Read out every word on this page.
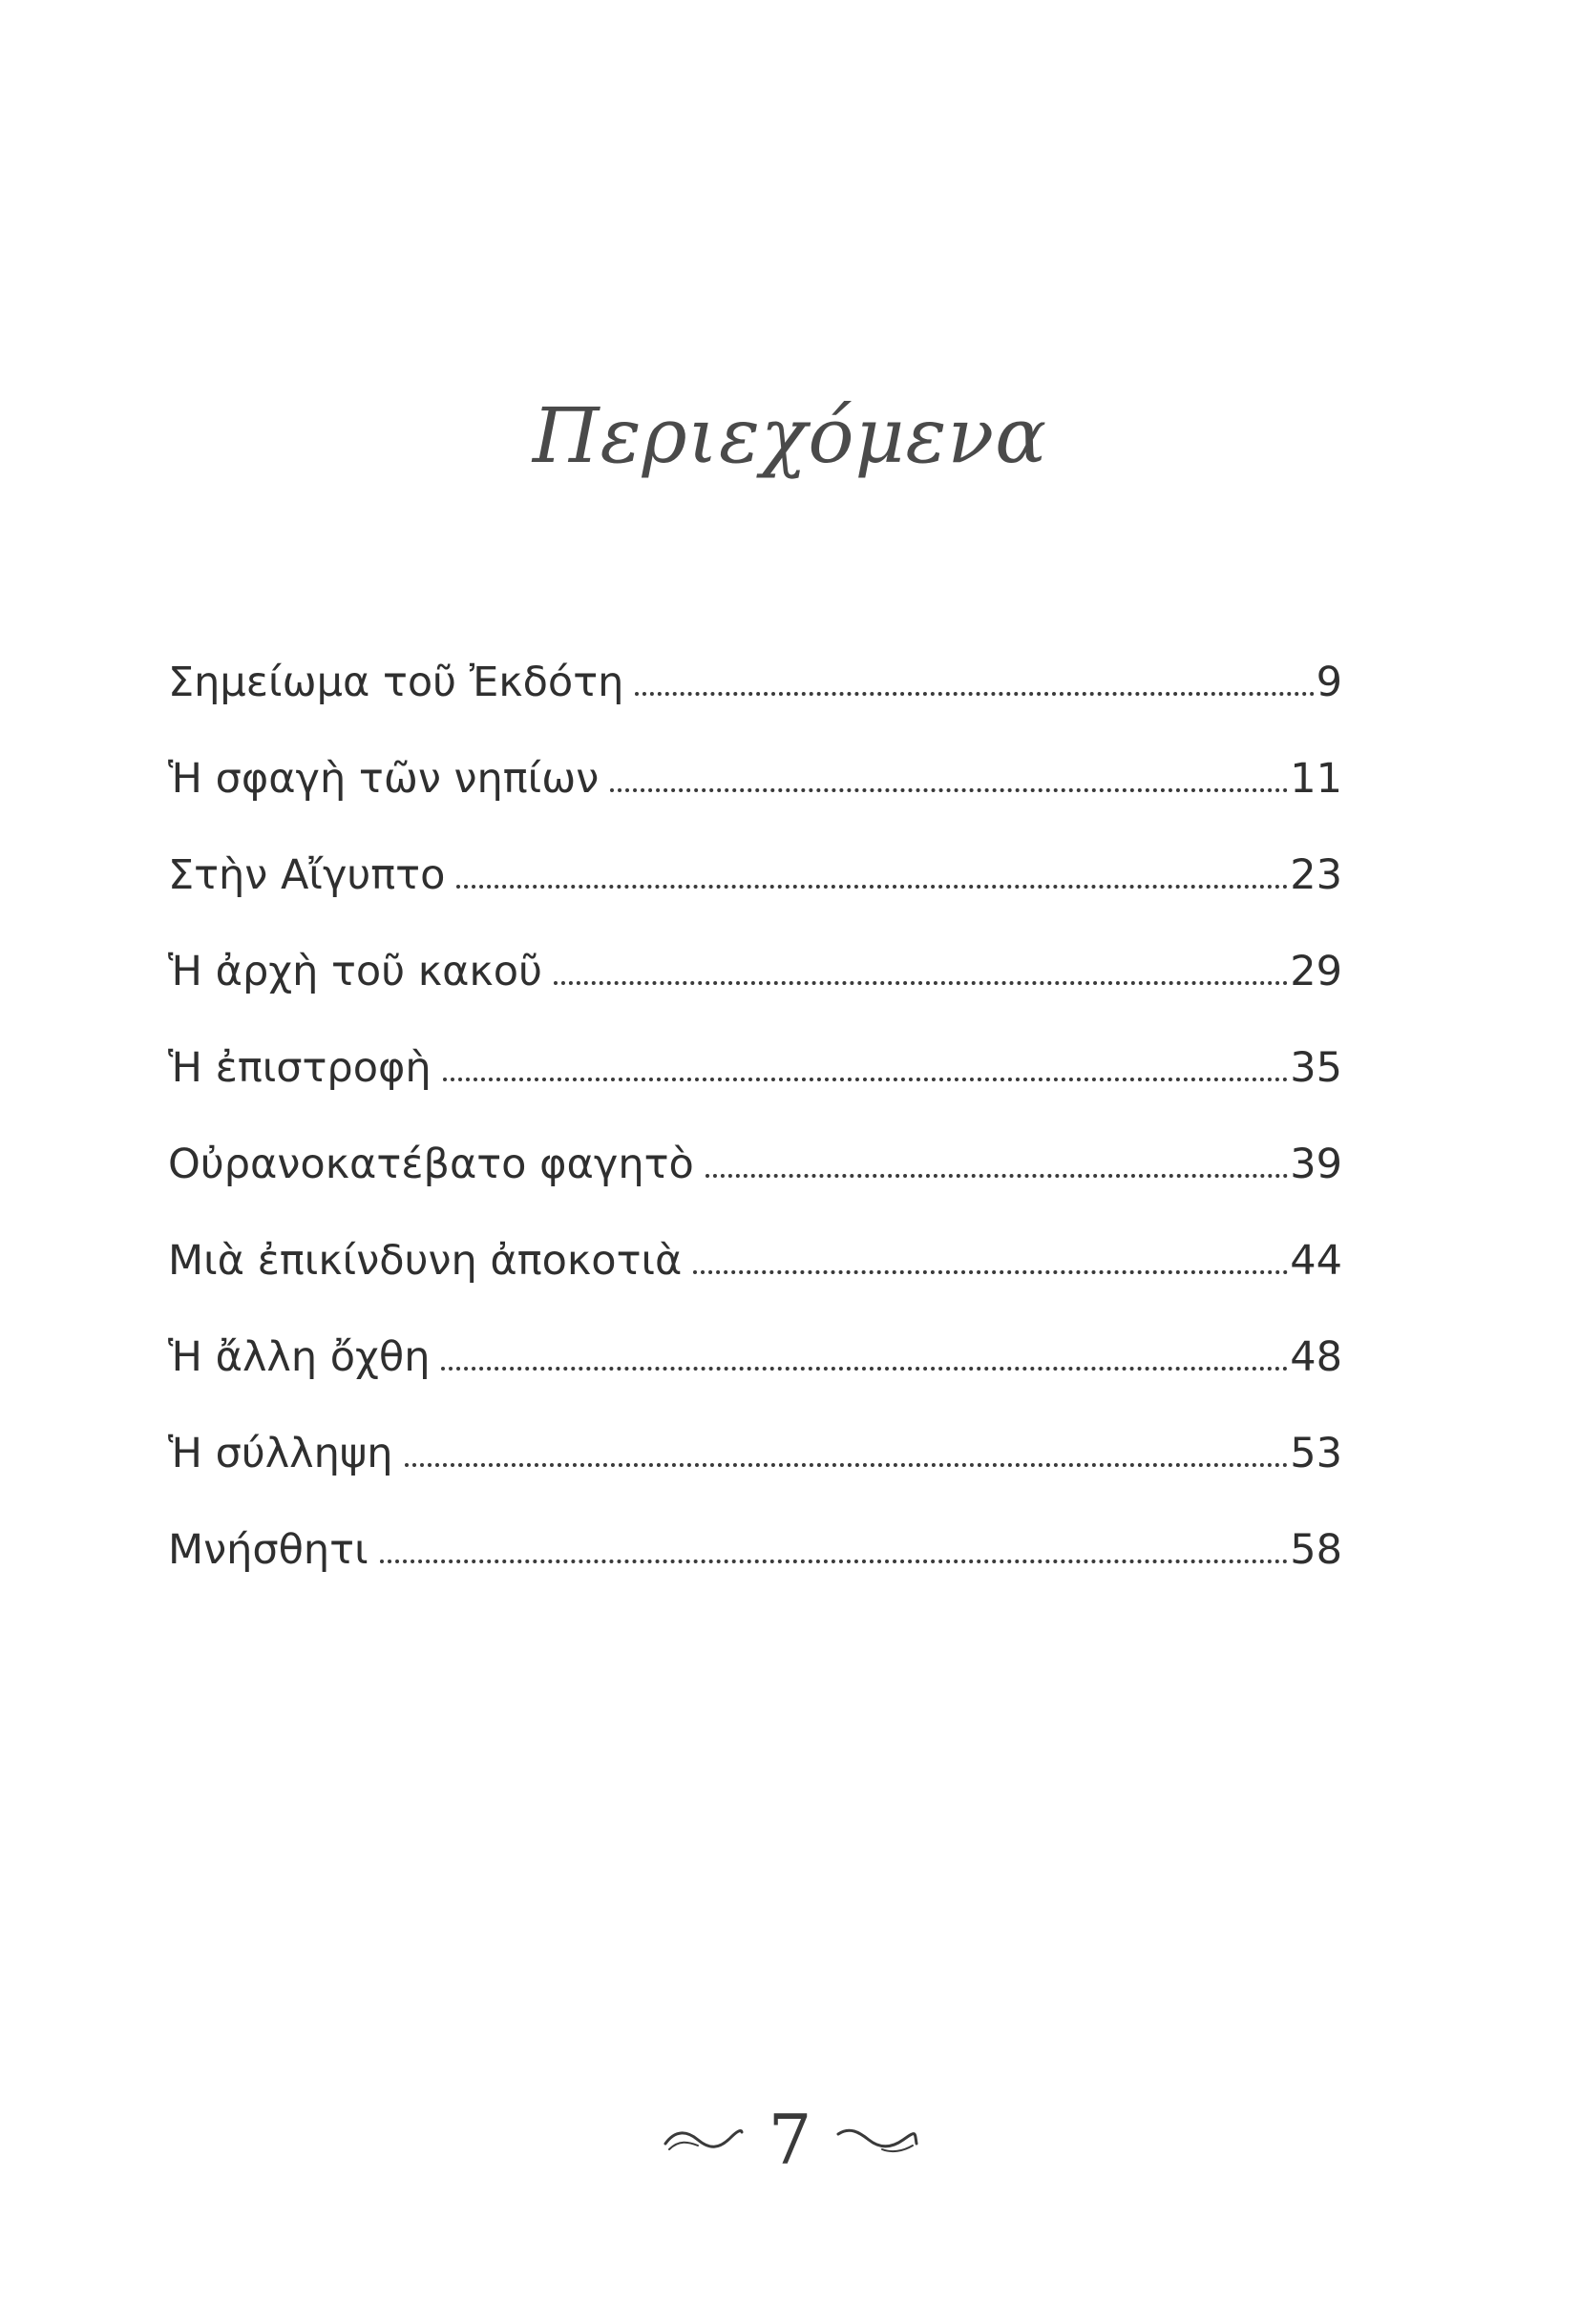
Περιεχόμενα
Σημείωμα τοῦ Ἐκδότη	9
Ἡ σφαγὴ τῶν νηπίων	11
Στὴν Αἴγυπτο	23
Ἡ ἀρχὴ τοῦ κακοῦ	29
Ἡ ἐπιστροφὴ	35
Οὐρανοκατέβατο φαγητὸ	39
Μιὰ ἐπικίνδυνη ἀποκοτιὰ	44
Ἡ ἄλλη ὄχθη	48
Ἡ σύλληψη	53
Μνήσθητι	58
7
